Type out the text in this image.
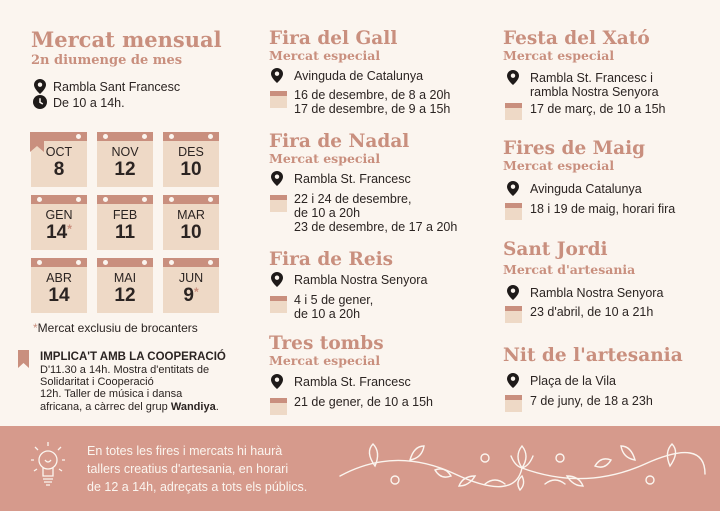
Mercat mensual
2n diumenge de mes
Rambla Sant Francesc
De 10 a 14h.
OCT
8
NOV
12
DES
10
GEN
14*
FEB
11
MAR
10
ABR
14
MAI
12
JUN
9*
*Mercat exclusiu de brocanters
IMPLICA'T AMB LA COOPERACIÓ
D'11.30 a 14h. Mostra d'entitats de
Solidaritat i Cooperació
12h. Taller de música i dansa
africana, a càrrec del grup Wandiya.
Fira del Gall
Mercat especial
Avinguda de Catalunya
16 de desembre, de 8 a 20h
17 de desembre, de 9 a 15h
Fira de Nadal
Mercat especial
Rambla St. Francesc
22 i 24 de desembre,
de 10 a 20h
23 de desembre, de 17 a 20h
Fira de Reis
Rambla Nostra Senyora
4 i 5 de gener,
de 10 a 20h
Tres tombs
Mercat especial
Rambla St. Francesc
21 de gener, de 10 a 15h
Festa del Xató
Mercat especial
Rambla St. Francesc i
rambla Nostra Senyora
17 de març, de 10 a 15h
Fires de Maig
Mercat especial
Avinguda Catalunya
18 i 19 de maig, horari fira
Sant Jordi
Mercat d'artesania
Rambla Nostra Senyora
23 d'abril, de 10 a 21h
Nit de l'artesania
Plaça de la Vila
7 de juny, de 18 a 23h
En totes les fires i mercats hi haurà
tallers creatius d'artesania, en horari
de 12 a 14h, adreçats a tots els públics.
